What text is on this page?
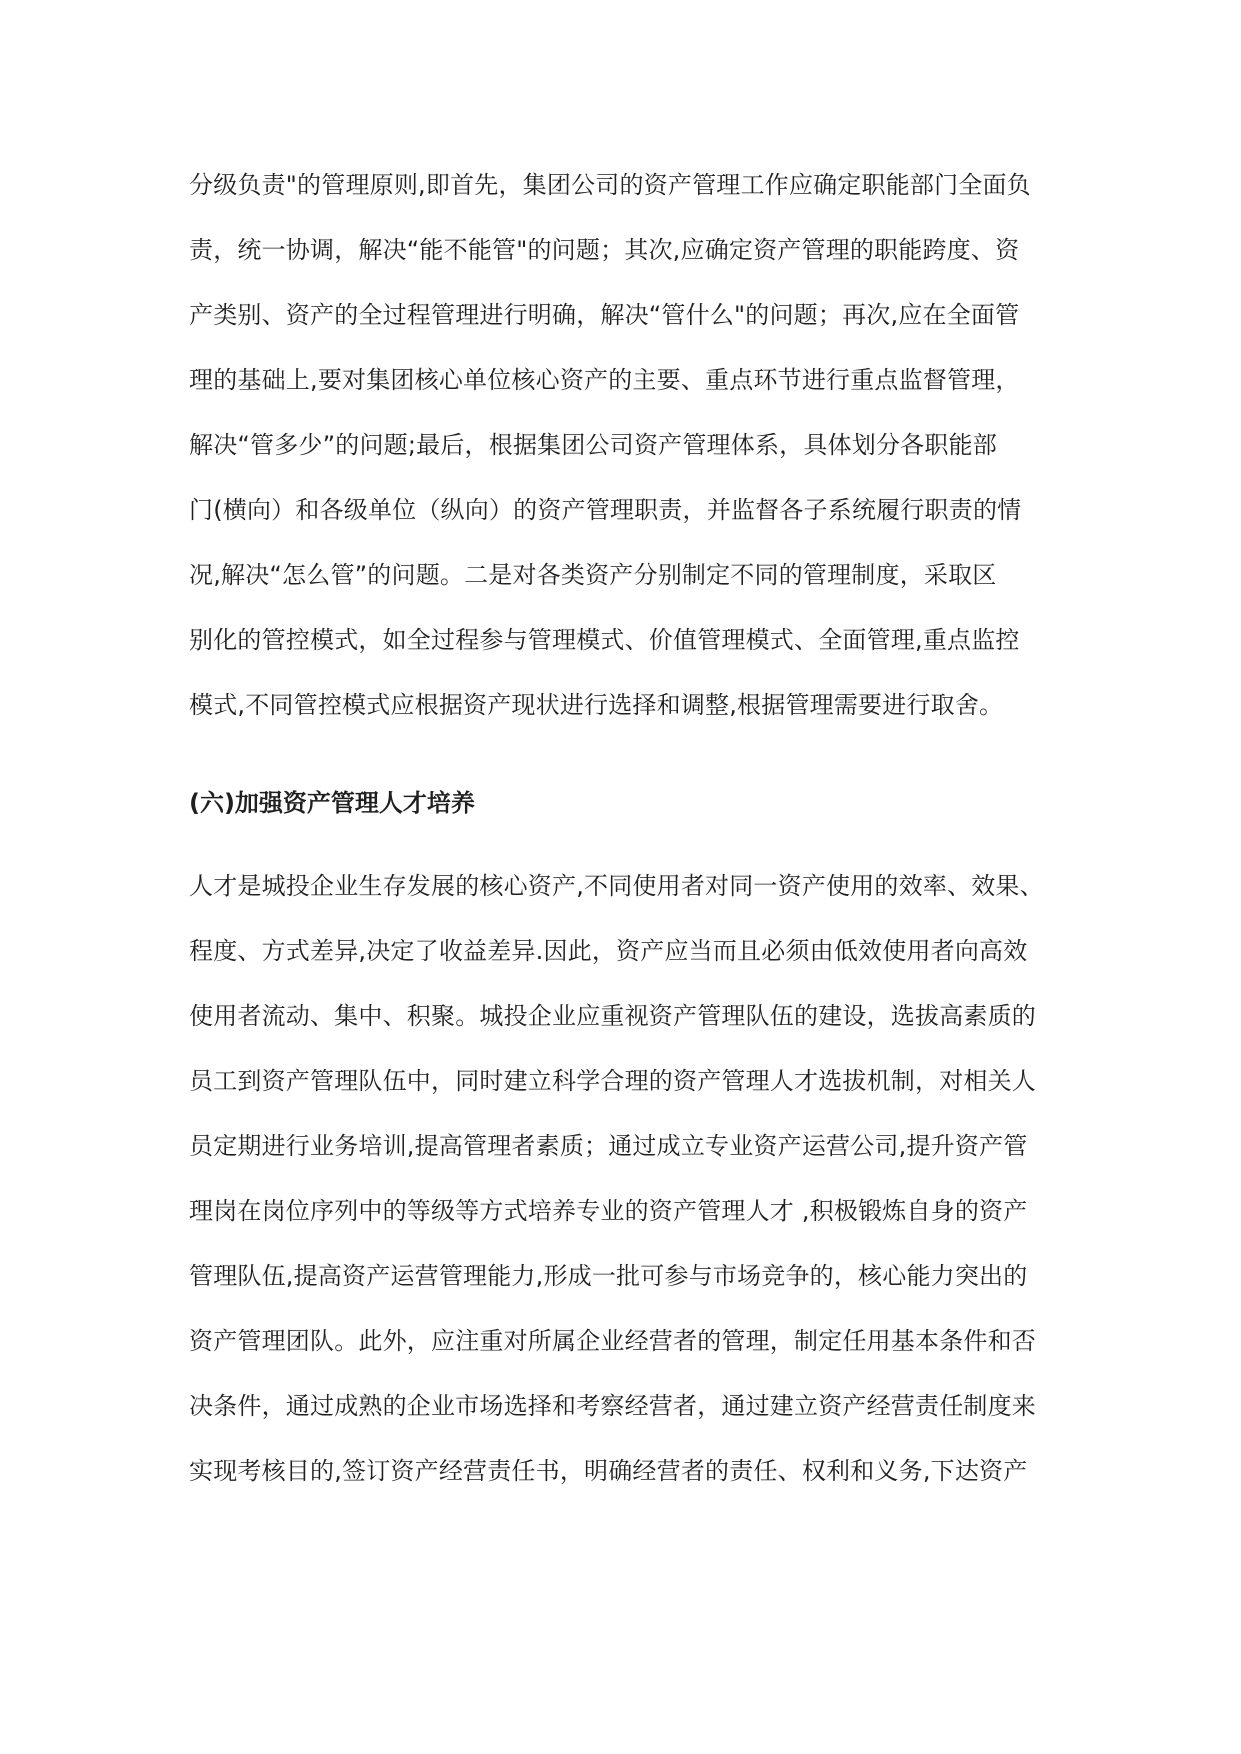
分级负责"的管理原则,即首先，集团公司的资产管理工作应确定职能部门全面负
责，统一协调，解决“能不能管"的问题；其次,应确定资产管理的职能跨度、资
产类别、资产的全过程管理进行明确，解决“管什么"的问题；再次,应在全面管
理的基础上,要对集团核心单位核心资产的主要、重点环节进行重点监督管理，
解决“管多少”的问题;最后，根据集团公司资产管理体系，具体划分各职能部
门(横向）和各级单位（纵向）的资产管理职责，并监督各子系统履行职责的情
况,解决“怎么管”的问题。二是对各类资产分别制定不同的管理制度，采取区
别化的管控模式，如全过程参与管理模式、价值管理模式、全面管理,重点监控
模式,不同管控模式应根据资产现状进行选择和调整,根据管理需要进行取舍。
(六)加强资产管理人才培养
人才是城投企业生存发展的核心资产,不同使用者对同一资产使用的效率、效果、
程度、方式差异,决定了收益差异.因此，资产应当而且必须由低效使用者向高效
使用者流动、集中、积聚。城投企业应重视资产管理队伍的建设，选拔高素质的
员工到资产管理队伍中，同时建立科学合理的资产管理人才选拔机制，对相关人
员定期进行业务培训,提高管理者素质；通过成立专业资产运营公司,提升资产管
理岗在岗位序列中的等级等方式培养专业的资产管理人才 ,积极锻炼自身的资产
管理队伍,提高资产运营管理能力,形成一批可参与市场竞争的，核心能力突出的
资产管理团队。此外，应注重对所属企业经营者的管理，制定任用基本条件和否
决条件，通过成熟的企业市场选择和考察经营者，通过建立资产经营责任制度来
实现考核目的,签订资产经营责任书，明确经营者的责任、权利和义务,下达资产
